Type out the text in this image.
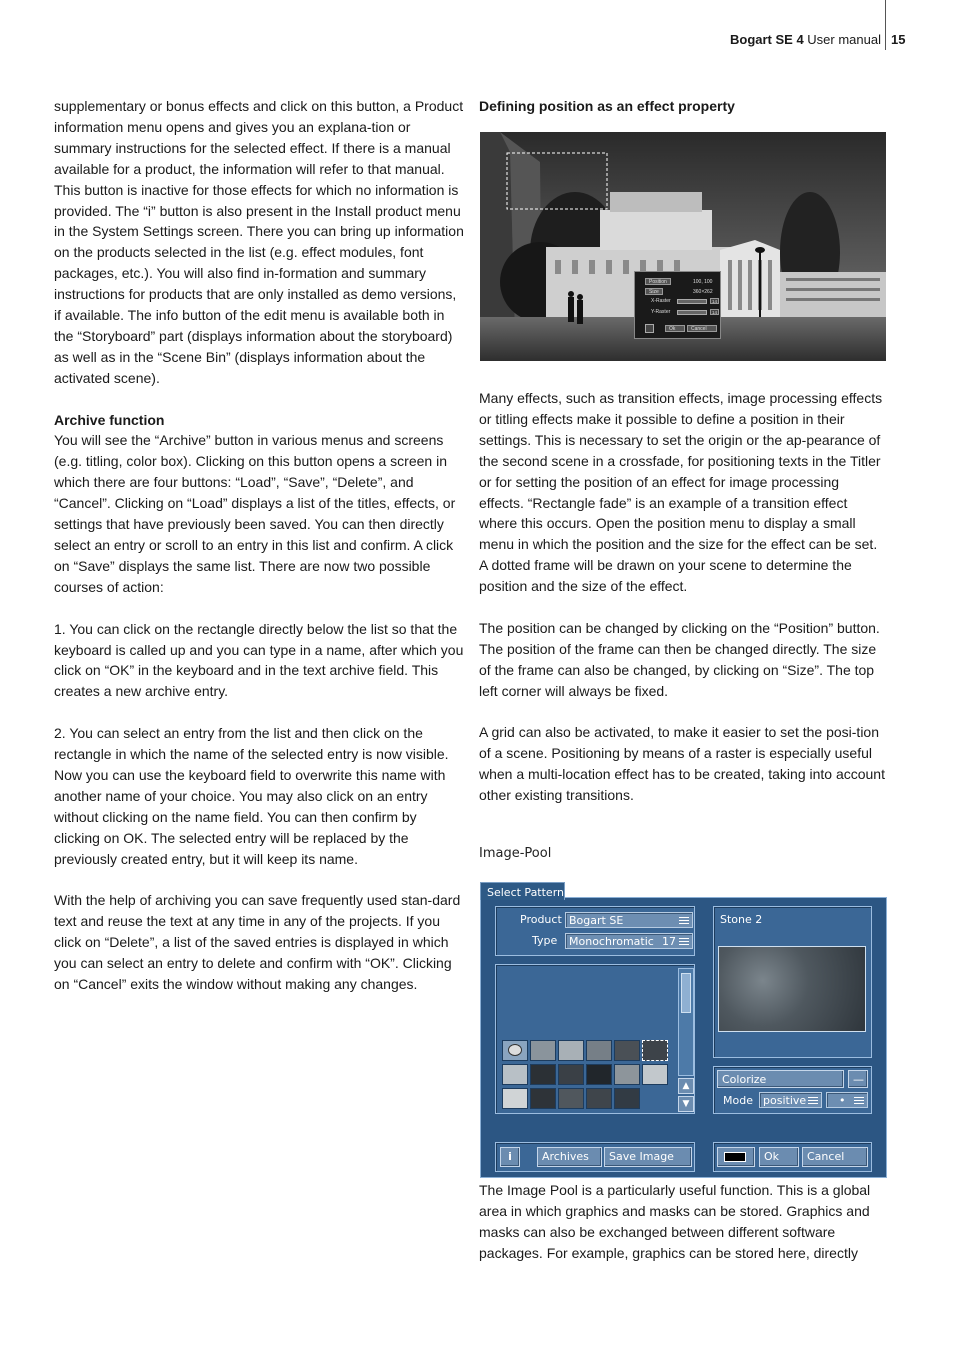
Bogart SE 4 User manual 15

supplementary or bonus effects and click on this button, a Product information menu opens and gives you an explana-tion or summary instructions for the selected effect. If there is a manual available for a product, the information will refer to that manual. This button is inactive for those effects for which no information is provided. The “i” button is also present in the Install product menu in the System Settings screen. There you can bring up information on the products selected in the list (e.g. effect modules, font packages, etc.). You will also find in-formation and summary instructions for products that are only installed as demo versions, if available. The info button of the edit menu is available both in the “Storyboard” part (displays information about the storyboard) as well as in the “Scene Bin” (displays information about the activated scene).

Archive function

You will see the “Archive” button in various menus and screens (e.g. titling, color box). Clicking on this button opens a screen in which there are four buttons: “Load”, “Save”, “Delete”, and “Cancel”. Clicking on “Load” displays a list of the titles, effects, or settings that have previously been saved. You can then directly select an entry or scroll to an entry in this list and confirm. A click on “Save” displays the same list. There are now two possible courses of action:

1. You can click on the rectangle directly below the list so that the keyboard is called up and you can type in a name, after which you click on “OK” in the keyboard and in the text archive field. This creates a new archive entry.

2. You can select an entry from the list and then click on the rectangle in which the name of the selected entry is now visible. Now you can use the keyboard field to overwrite this name with another name of your choice. You may also click on an entry without clicking on the name field. You can then confirm by clicking on OK. The selected entry will be replaced by the previously created entry, but it will keep its name.

With the help of archiving you can save frequently used stan-dard text and reuse the text at any time in any of the projects. If you click on “Delete”, a list of the saved entries is displayed in which you can select an entry to delete and confirm with “OK”. Clicking on “Cancel” exits the window without making any changes.

Defining position as an effect property
Position	100, 100
Size	360×262
X-Raster	14
Y-Raster	14
Ok	Cancel

Many effects, such as transition effects, image processing effects or titling effects make it possible to define a position in their settings. This is necessary to set the origin or the ap-pearance of the second scene in a crossfade, for positioning texts in the Titler or for setting the position of an effect for image processing effects. “Rectangle fade” is an example of a transition effect where this occurs. Open the position menu to display a small menu in which the position and the size for the effect can be set. A dotted frame will be drawn on your scene to determine the position and the size of the effect.

The position can be changed by clicking on the “Position” button. The position of the frame can then be changed directly. The size of the frame can also be changed, by clicking on “Size”. The top left corner will always be fixed.

A grid can also be activated, to make it easier to set the posi-tion of a scene. Positioning by means of a raster is especially useful when a multi-location effect has to be created, taking into account other existing transitions.

Image-Pool
Product Bogart SE
Type	Monochromatic 17
▲
▼
Stone 2
Colorize	—
Mode positive	•
i	Archives	Save Image	Ok	Cancel
Select Pattern

The Image Pool is a particularly useful function. This is a global area in which graphics and masks can be stored. Graphics and masks can also be exchanged between different software packages. For example, graphics can be stored here, directly
